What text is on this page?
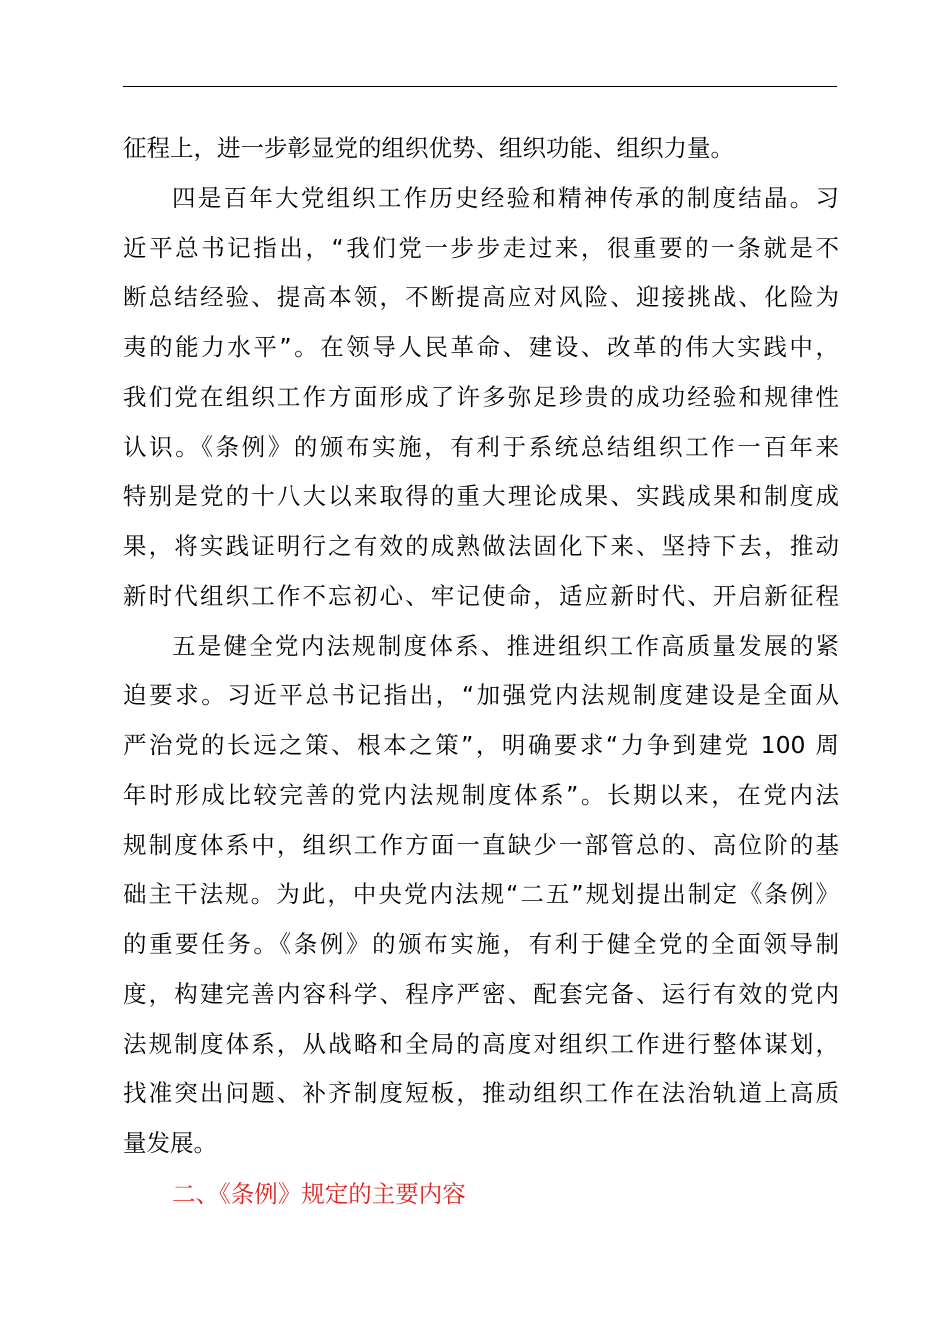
征程上，进一步彰显党的组织优势、组织功能、组织力量。
四是百年大党组织工作历史经验和精神传承的制度结晶。习
近平总书记指出，“我们党一步步走过来，很重要的一条就是不
断总结经验、提高本领，不断提高应对风险、迎接挑战、化险为
夷的能力水平”。在领导人民革命、建设、改革的伟大实践中，
我们党在组织工作方面形成了许多弥足珍贵的成功经验和规律性
认识。《条例》的颁布实施，有利于系统总结组织工作一百年来
特别是党的十八大以来取得的重大理论成果、实践成果和制度成
果，将实践证明行之有效的成熟做法固化下来、坚持下去，推动
新时代组织工作不忘初心、牢记使命，适应新时代、开启新征程
五是健全党内法规制度体系、推进组织工作高质量发展的紧
迫要求。习近平总书记指出，“加强党内法规制度建设是全面从
严治党的长远之策、根本之策”，明确要求“力争到建党 100 周
年时形成比较完善的党内法规制度体系”。长期以来，在党内法
规制度体系中，组织工作方面一直缺少一部管总的、高位阶的基
础主干法规。为此，中央党内法规“二五”规划提出制定《条例》
的重要任务。《条例》的颁布实施，有利于健全党的全面领导制
度，构建完善内容科学、程序严密、配套完备、运行有效的党内
法规制度体系，从战略和全局的高度对组织工作进行整体谋划，
找准突出问题、补齐制度短板，推动组织工作在法治轨道上高质
量发展。
二、《条例》规定的主要内容
